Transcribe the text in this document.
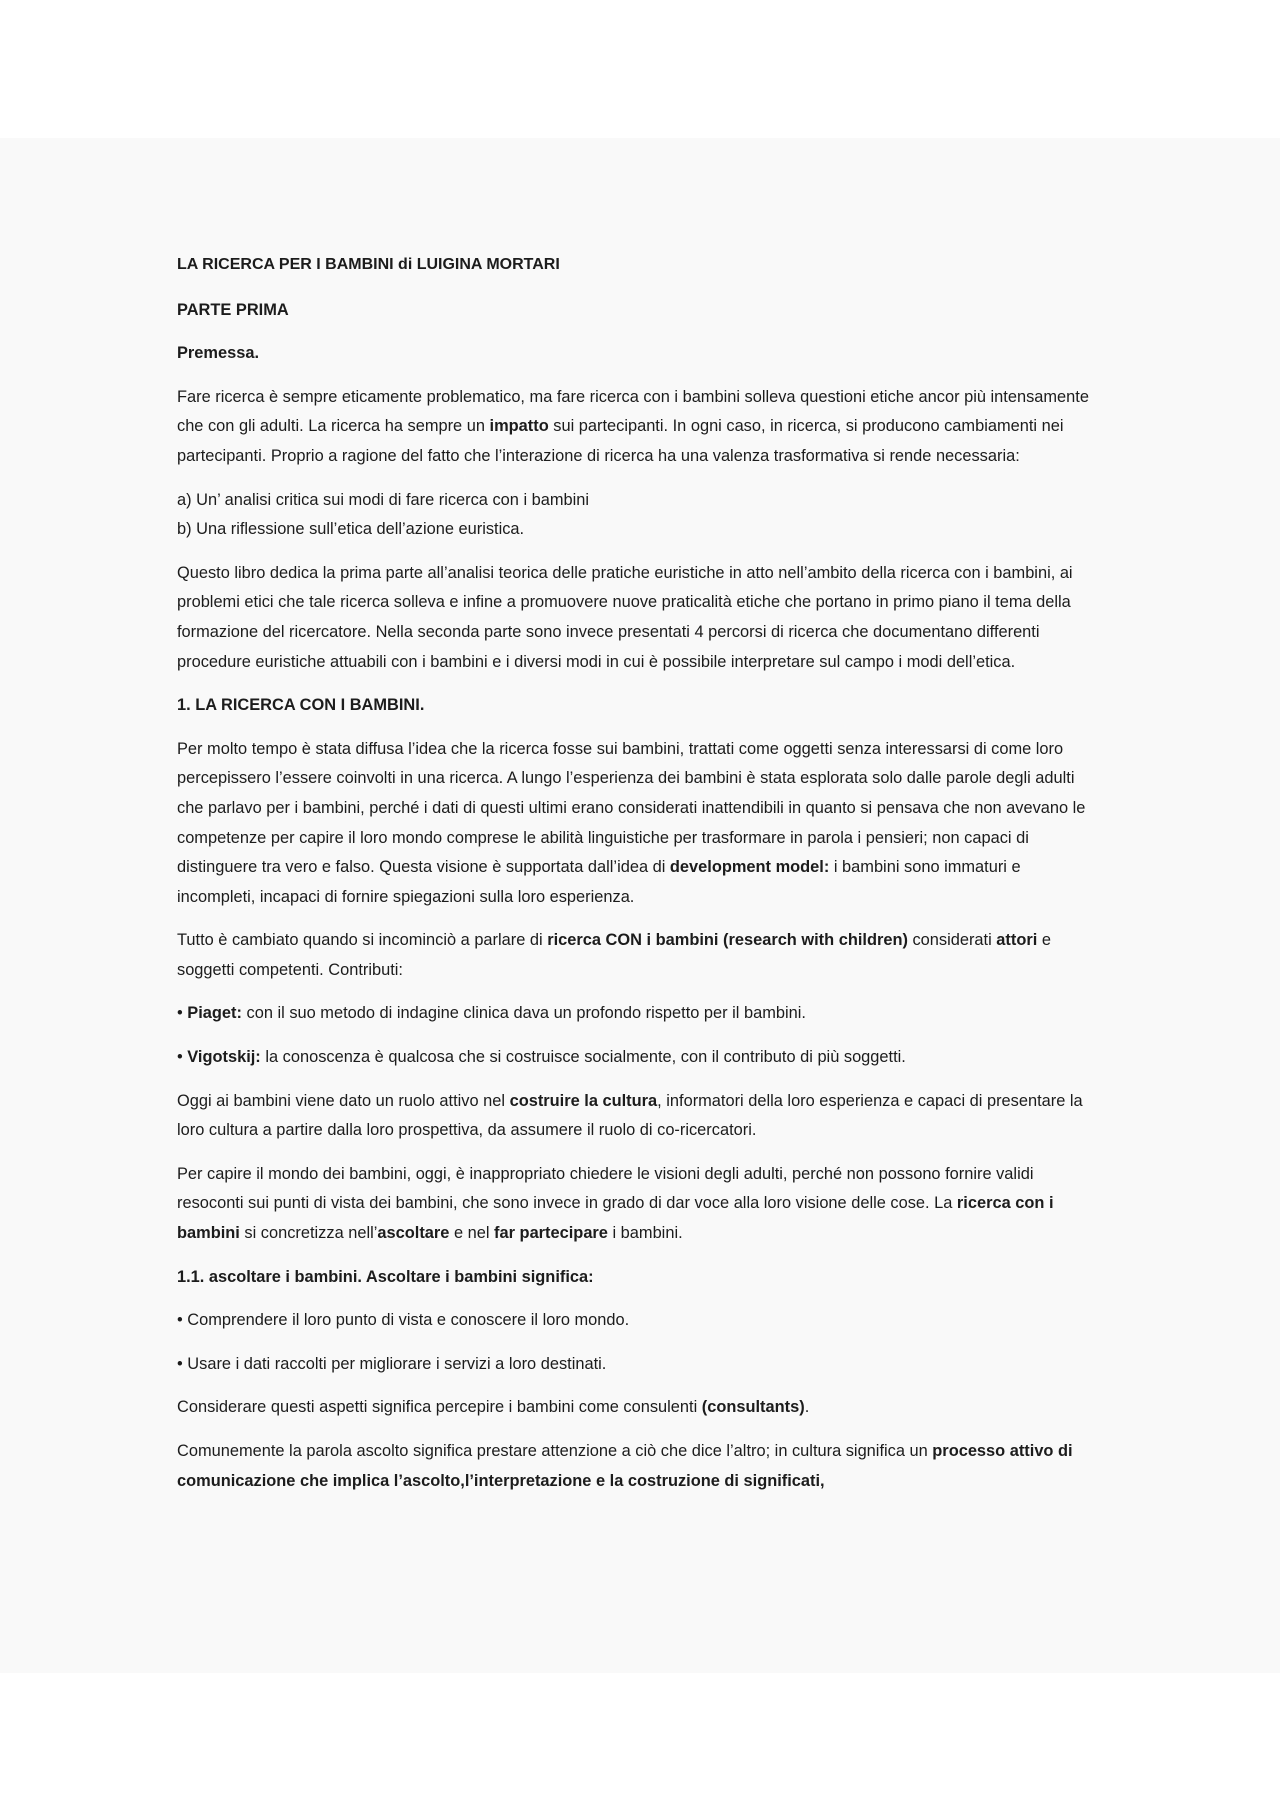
LA RICERCA PER I BAMBINI di LUIGINA MORTARI

PARTE PRIMA

Premessa.

Fare ricerca è sempre eticamente problematico, ma fare ricerca con i bambini solleva questioni etiche ancor più intensamente che con gli adulti. La ricerca ha sempre un impatto sui partecipanti. In ogni caso, in ricerca, si producono cambiamenti nei partecipanti. Proprio a ragione del fatto che l’interazione di ricerca ha una valenza trasformativa si rende necessaria:

a) Un’ analisi critica sui modi di fare ricerca con i bambini

b) Una riflessione sull’etica dell’azione euristica.

Questo libro dedica la prima parte all’analisi teorica delle pratiche euristiche in atto nell’ambito della ricerca con i bambini, ai problemi etici che tale ricerca solleva e infine a promuovere nuove praticalità etiche che portano in primo piano il tema della formazione del ricercatore. Nella seconda parte sono invece presentati 4 percorsi di ricerca che documentano differenti procedure euristiche attuabili con i bambini e i diversi modi in cui è possibile interpretare sul campo i modi dell’etica.

1. LA RICERCA CON I BAMBINI.

Per molto tempo è stata diffusa l’idea che la ricerca fosse sui bambini, trattati come oggetti senza interessarsi di come loro percepissero l’essere coinvolti in una ricerca. A lungo l’esperienza dei bambini è stata esplorata solo dalle parole degli adulti che parlavo per i bambini, perché i dati di questi ultimi erano considerati inattendibili in quanto si pensava che non avevano le competenze per capire il loro mondo comprese le abilità linguistiche per trasformare in parola i pensieri; non capaci di distinguere tra vero e falso. Questa visione è supportata dall’idea di development model: i bambini sono immaturi e incompleti, incapaci di fornire spiegazioni sulla loro esperienza.

Tutto è cambiato quando si incominciò a parlare di ricerca CON i bambini (research with children) considerati attori e soggetti competenti. Contributi:

• Piaget: con il suo metodo di indagine clinica dava un profondo rispetto per il bambini.

• Vigotskij: la conoscenza è qualcosa che si costruisce socialmente, con il contributo di più soggetti.

Oggi ai bambini viene dato un ruolo attivo nel costruire la cultura, informatori della loro esperienza e capaci di presentare la loro cultura a partire dalla loro prospettiva, da assumere il ruolo di co-ricercatori.

Per capire il mondo dei bambini, oggi, è inappropriato chiedere le visioni degli adulti, perché non possono fornire validi resoconti sui punti di vista dei bambini, che sono invece in grado di dar voce alla loro visione delle cose. La ricerca con i bambini si concretizza nell’ascoltare e nel far partecipare i bambini.

1.1. ascoltare i bambini. Ascoltare i bambini significa:

• Comprendere il loro punto di vista e conoscere il loro mondo.

• Usare i dati raccolti per migliorare i servizi a loro destinati.

Considerare questi aspetti significa percepire i bambini come consulenti (consultants).

Comunemente la parola ascolto significa prestare attenzione a ciò che dice l’altro; in cultura significa un processo attivo di comunicazione che implica l’ascolto,l’interpretazione e la costruzione di significati,
